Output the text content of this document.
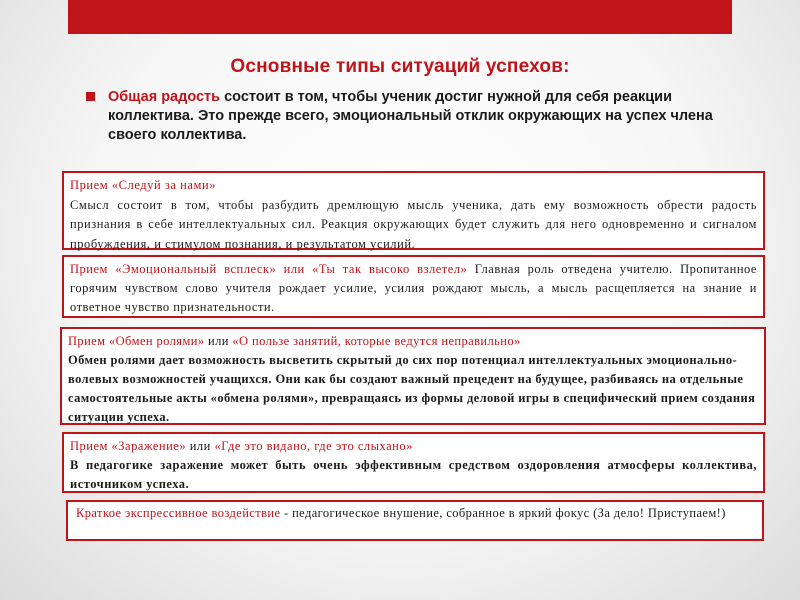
Основные типы ситуаций успехов:
Общая радость состоит в том, чтобы ученик достиг нужной для себя реакции коллектива. Это прежде всего, эмоциональный отклик окружающих на успех члена своего коллектива.
Прием «Следуй за нами»
Смысл состоит в том, чтобы разбудить дремлющую мысль ученика, дать ему возможность обрести радость признания в себе интеллектуальных сил. Реакция окружающих будет служить для него одновременно и сигналом пробуждения, и стимулом познания, и результатом усилий.
Прием «Эмоциональный всплеск» или «Ты так высоко взлетел» Главная роль отведена учителю. Пропитанное горячим чувством слово учителя рождает усилие, усилия рождают мысль, а мысль расщепляется на знание и ответное чувство признательности.
Прием «Обмен ролями» или «О пользе занятий, которые ведутся неправильно»
Обмен ролями дает возможность высветить скрытый до сих пор потенциал интеллектуальных эмоционально-волевых возможностей учащихся. Они как бы создают важный прецедент на будущее, разбиваясь на отдельные самостоятельные акты «обмена ролями», превращаясь из формы деловой игры в специфический прием создания ситуации успеха.
Прием «Заражение» или «Где это видано, где это слыхано»
В педагогике заражение может быть очень эффективным средством оздоровления атмосферы коллектива, источником успеха.
Краткое экспрессивное воздействие - педагогическое внушение, собранное в яркий фокус (За дело! Приступаем!)
